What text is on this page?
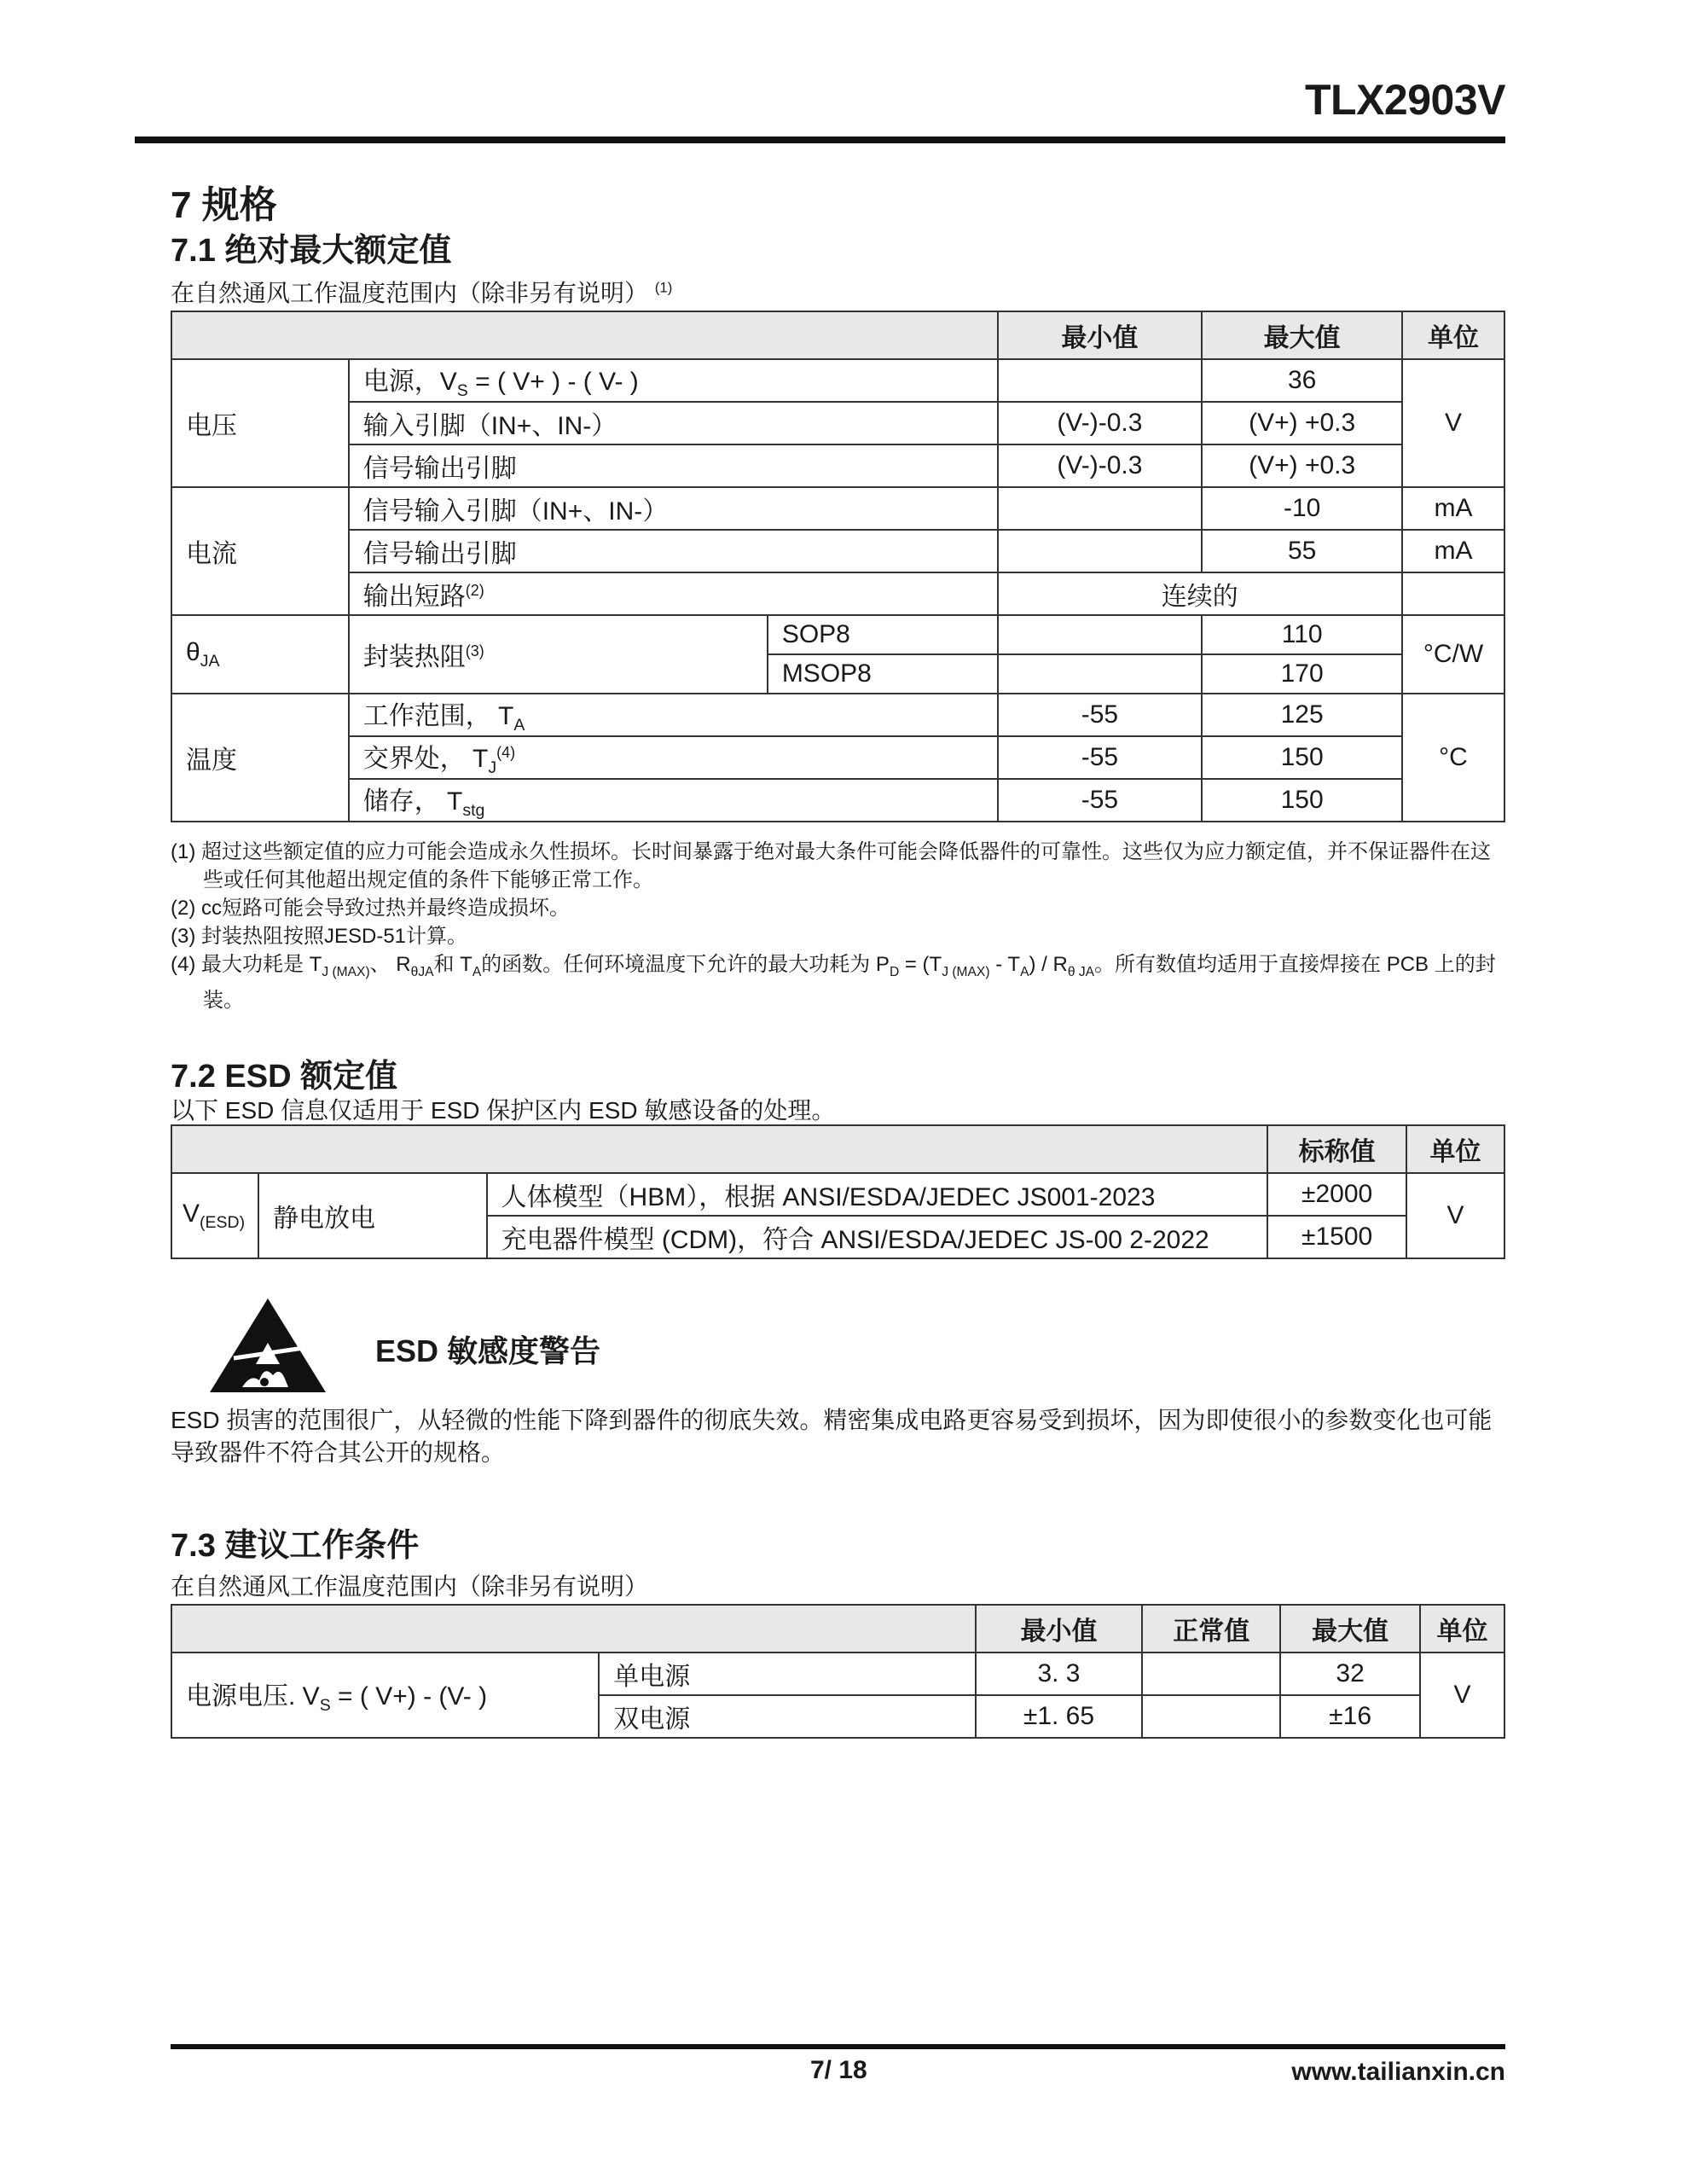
TLX2903V
7 规格
7.1 绝对最大额定值
在自然通风工作温度范围内（除非另有说明） $^{(1)}$
			最小值	最大值	单位
电压	电源，$V_S$ = ( V+ ) - ( V- )			36	V
	输入引脚（IN+、IN-）		(V-)-0.3	(V+) +0.3	
	信号输出引脚		(V-)-0.3	(V+) +0.3	
电流	信号输入引脚（IN+、IN-）			-10	mA
	信号输出引脚			55	mA
	输出短路$^{(2)}$		连续的		
$\theta_{JA}$	封装热阻$^{(3)}$	SOP8		110	°C/W
		MSOP8		170	
温度	工作范围， $T_A$		-55	125	°C
	交界处， $T_J^{(4)}$		-55	150	
	储存， $T_{stg}$		-55	150	
(1) 超过这些额定值的应力可能会造成永久性损坏。长时间暴露于绝对最大条件可能会降低器件的可靠性。这些仅为应力额定值，并不保证器件在这些或任何其他超出规定值的条件下能够正常工作。
(2) cc短路可能会导致过热并最终造成损坏。
(3) 封装热阻按照JESD-51计算。
(4) 最大功耗是 $T_{J (MAX)}$、 $R_{\theta JA}$和 $T_A$的函数。任何环境温度下允许的最大功耗为 $P_D = (T_{J (MAX)} - T_A) / R_{\theta JA}$。所有数值均适用于直接焊接在 PCB 上的封装。
7.2 ESD 额定值
以下 ESD 信息仅适用于 ESD 保护区内 ESD 敏感设备的处理。
			标称值	单位
$V_{(ESD)}$	静电放电	人体模型（HBM），根据 ANSI/ESDA/JEDEC JS001-2023	±2000	V
		充电器件模型 (CDM)，符合 ANSI/ESDA/JEDEC JS-00 2-2022	±1500	
ESD 敏感度警告
ESD 损害的范围很广，从轻微的性能下降到器件的彻底失效。精密集成电路更容易受到损坏，因为即使很小的参数变化也可能导致器件不符合其公开的规格。
7.3 建议工作条件
在自然通风工作温度范围内（除非另有说明）
		最小值	正常值	最大值	单位
电源电压. $V_S$ = ( V+) - (V- )	单电源	3. 3		32	V
	双电源	±1. 65		±16	
7/ 18	www.tailianxin.cn
